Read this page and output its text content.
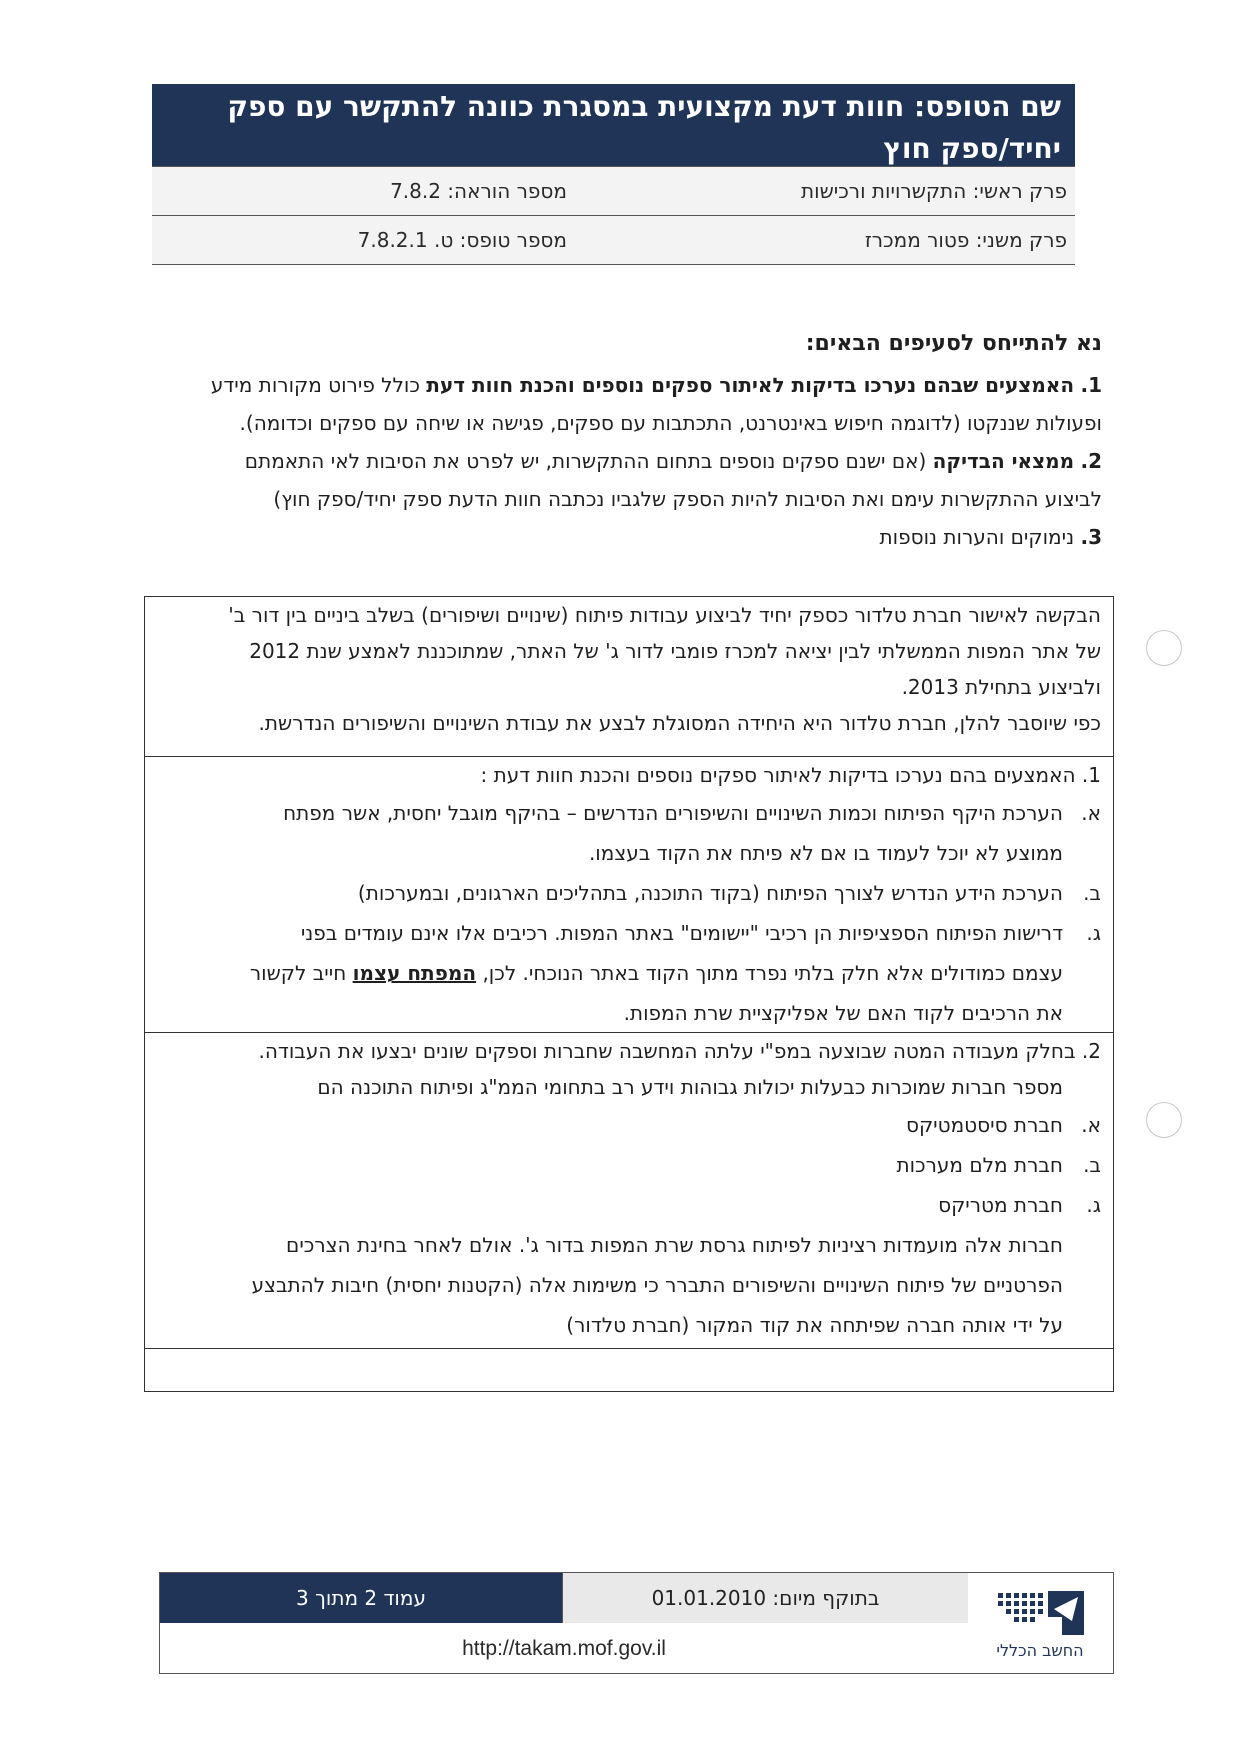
שם הטופס: חוות דעת מקצועית במסגרת כוונה להתקשר עם ספק יחיד/ספק חוץ
פרק ראשי: התקשרויות ורכישות
מספר הוראה: 7.8.2
פרק משני: פטור ממכרז
מספר טופס: ט. 7.8.2.1
נא להתייחס לסעיפים הבאים:
1. האמצעים שבהם נערכו בדיקות לאיתור ספקים נוספים והכנת חוות דעת כולל פירוט מקורות מידע
ופעולות שננקטו (לדוגמה חיפוש באינטרנט, התכתבות עם ספקים, פגישה או שיחה עם ספקים וכדומה).
2. ממצאי הבדיקה (אם ישנם ספקים נוספים בתחום ההתקשרות, יש לפרט את הסיבות לאי התאמתם
לביצוע ההתקשרות עימם ואת הסיבות להיות הספק שלגביו נכתבה חוות הדעת ספק יחיד/ספק חוץ)
3. נימוקים והערות נוספות
הבקשה לאישור חברת טלדור כספק יחיד לביצוע עבודות פיתוח (שינויים ושיפורים) בשלב ביניים בין דור ב'
של אתר המפות הממשלתי לבין יציאה למכרז פומבי לדור ג' של האתר, שמתוכננת לאמצע שנת 2012
ולביצוע בתחילת 2013.
כפי שיוסבר להלן, חברת טלדור היא היחידה המסוגלת לבצע את עבודת השינויים והשיפורים הנדרשת.
1. האמצעים בהם נערכו בדיקות לאיתור ספקים נוספים והכנת חוות דעת :
א.
הערכת היקף הפיתוח וכמות השינויים והשיפורים הנדרשים – בהיקף מוגבל יחסית, אשר מפתח
ממוצע לא יוכל לעמוד בו אם לא פיתח את הקוד בעצמו.
ב.
הערכת הידע הנדרש לצורך הפיתוח (בקוד התוכנה, בתהליכים הארגונים, ובמערכות)
ג.
דרישות הפיתוח הספציפיות הן רכיבי "יישומים" באתר המפות. רכיבים אלו אינם עומדים בפני
עצמם כמודולים אלא חלק בלתי נפרד מתוך הקוד באתר הנוכחי. לכן, המפתח עצמו חייב לקשור
את הרכיבים לקוד האם של אפליקציית שרת המפות.
2. בחלק מעבודה המטה שבוצעה במפ"י עלתה המחשבה שחברות וספקים שונים יבצעו את העבודה.
מספר חברות שמוכרות כבעלות יכולות גבוהות וידע רב בתחומי הממ"ג ופיתוח התוכנה הם
א.
חברת סיסטמטיקס
ב.
חברת מלם מערכות
ג.
חברת מטריקס
חברות אלה מועמדות רציניות לפיתוח גרסת שרת המפות בדור ג'. אולם לאחר בחינת הצרכים
הפרטניים של פיתוח השינויים והשיפורים התברר כי משימות אלה (הקטנות יחסית) חיבות להתבצע
על ידי אותה חברה שפיתחה את קוד המקור (חברת טלדור)
בתוקף מיום: 01.01.2010
עמוד 2 מתוך 3
http://takam.mof.gov.il	החשב הכללי
